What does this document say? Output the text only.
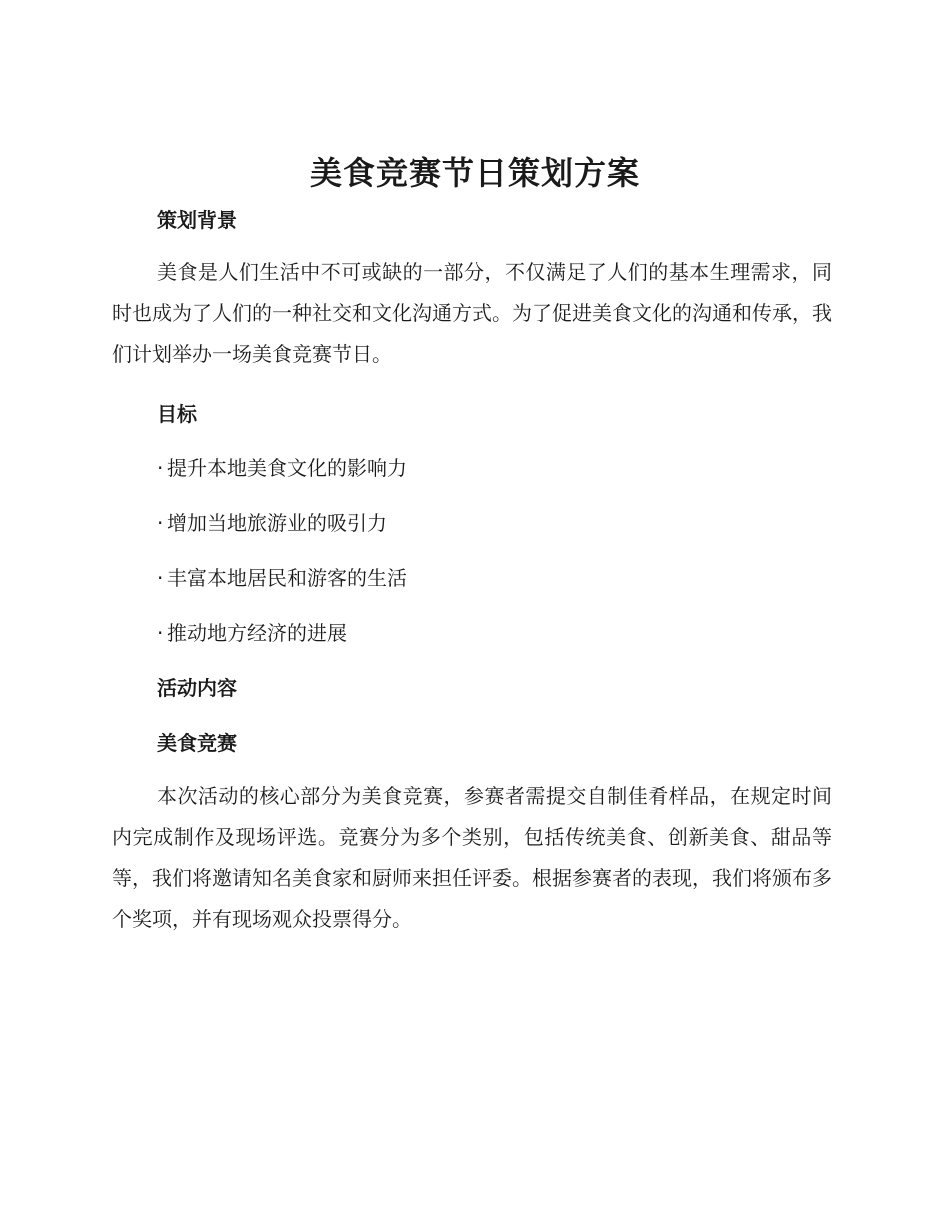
美食竞赛节日策划方案
策划背景

美食是人们生活中不可或缺的一部分，不仅满足了人们的基本生理需求，同时也成为了人们的一种社交和文化沟通方式。为了促进美食文化的沟通和传承，我们计划举办一场美食竞赛节日。

目标

· 提升本地美食文化的影响力

· 增加当地旅游业的吸引力

· 丰富本地居民和游客的生活

· 推动地方经济的进展

活动内容
美食竞赛

本次活动的核心部分为美食竞赛，参赛者需提交自制佳肴样品，在规定时间内完成制作及现场评选。竞赛分为多个类别，包括传统美食、创新美食、甜品等等，我们将邀请知名美食家和厨师来担任评委。根据参赛者的表现，我们将颁布多个奖项，并有现场观众投票得分。
